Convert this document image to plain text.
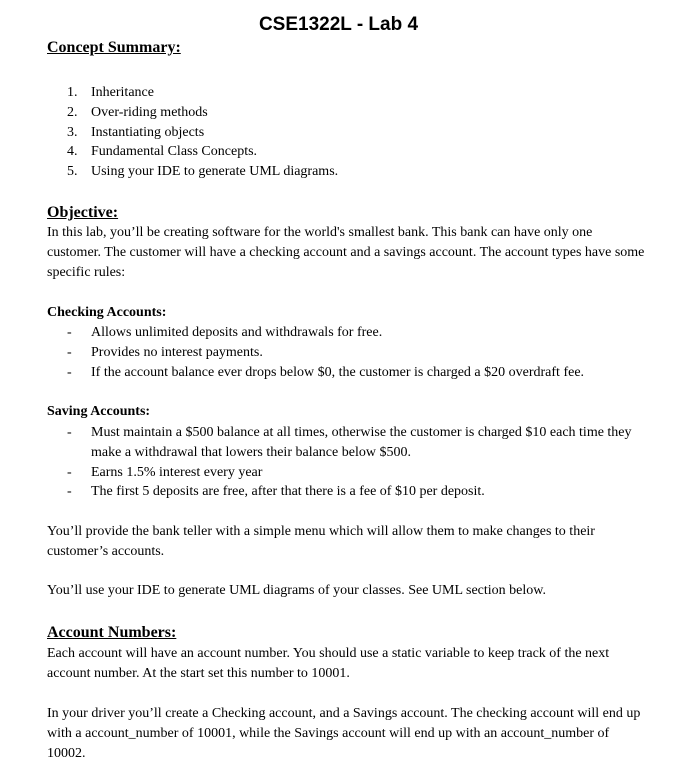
CSE1322L - Lab 4
Concept Summary:
1. Inheritance
2. Over-riding methods
3. Instantiating objects
4. Fundamental Class Concepts.
5. Using your IDE to generate UML diagrams.
Objective:

In this lab, you’ll be creating software for the world's smallest bank. This bank can have only one customer. The customer will have a checking account and a savings account. The account types have some specific rules:

Checking Accounts:
- Allows unlimited deposits and withdrawals for free.
- Provides no interest payments.
- If the account balance ever drops below $0, the customer is charged a $20 overdraft fee.
Saving Accounts:
- Must maintain a $500 balance at all times, otherwise the customer is charged $10 each time they make a withdrawal that lowers their balance below $500.
- Earns 1.5% interest every year
- The first 5 deposits are free, after that there is a fee of $10 per deposit.

You’ll provide the bank teller with a simple menu which will allow them to make changes to their customer’s accounts.

You’ll use your IDE to generate UML diagrams of your classes. See UML section below.

Account Numbers:

Each account will have an account number. You should use a static variable to keep track of the next account number. At the start set this number to 10001.

In your driver you’ll create a Checking account, and a Savings account. The checking account will end up with a account_number of 10001, while the Savings account will end up with an account_number of 10002.
